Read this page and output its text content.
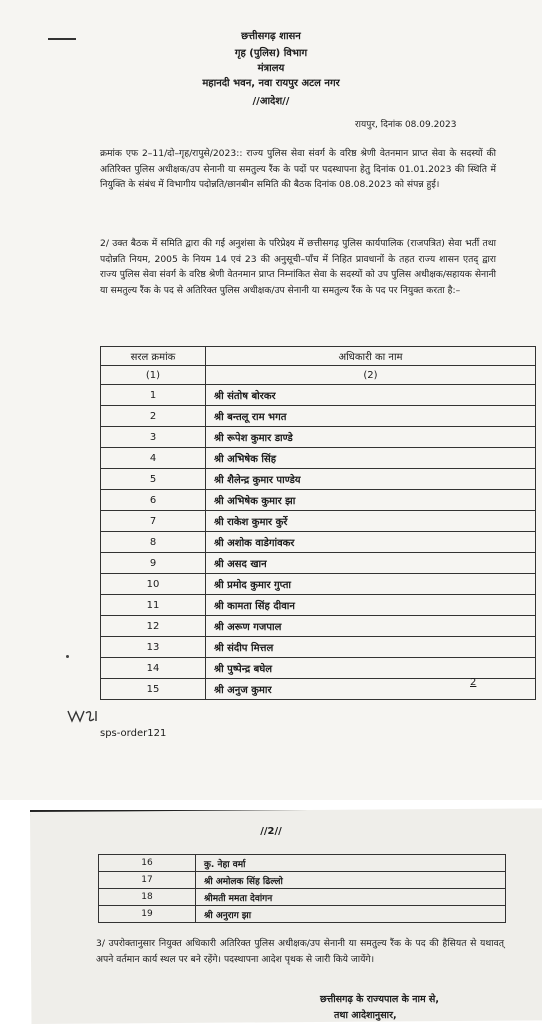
छत्तीसगढ़ शासन
गृह (पुलिस) विभाग
मंत्रालय
महानदी भवन, नवा रायपुर अटल नगर
//आदेश//
रायपुर, दिनांक 08.09.2023
क्रमांक एफ 2–11/दो–गृह/रापुसे/2023:: राज्य पुलिस सेवा संवर्ग के वरिष्ठ श्रेणी वेतनमान प्राप्त सेवा के सदस्यों की अतिरिक्त पुलिस अधीक्षक/उप सेनानी या समतुल्य रैंक के पदों पर पदस्थापना हेतु दिनांक 01.01.2023 की स्थिति में नियुक्ति के संबंध में विभागीय पदोन्नति/छानबीन समिति की बैठक दिनांक 08.08.2023 को संपन्न हुई।
2/ उक्त बैठक में समिति द्वारा की गई अनुशंसा के परिप्रेक्ष्य में छत्तीसगढ़ पुलिस कार्यपालिक (राजपत्रित) सेवा भर्ती तथा पदोन्नति नियम, 2005 के नियम 14 एवं 23 की अनुसूची–पाँच में निहित प्रावधानों के तहत राज्य शासन एतद् द्वारा राज्य पुलिस सेवा संवर्ग के वरिष्ठ श्रेणी वेतनमान प्राप्त निम्नांकित सेवा के सदस्यों को उप पुलिस अधीक्षक/सहायक सेनानी या समतुल्य रैंक के पद से अतिरिक्त पुलिस अधीक्षक/उप सेनानी या समतुल्य रैंक के पद पर नियुक्त करता है:–
सरल क्रमांक	अधिकारी का नाम
(1)	(2)
1	श्री संतोष बोरकर
2	श्री बन्तलू राम भगत
3	श्री रूपेश कुमार डाण्डे
4	श्री अभिषेक सिंह
5	श्री शैलेन्द्र कुमार पाण्डेय
6	श्री अभिषेक कुमार झा
7	श्री राकेश कुमार कुर्रे
8	श्री अशोक वाडेगांवकर
9	श्री असद खान
10	श्री प्रमोद कुमार गुप्ता
11	श्री कामता सिंह दीवान
12	श्री अरूण गजपाल
13	श्री संदीप मित्तल
14	श्री पुष्पेन्द्र बघेल
15	श्री अनुज कुमार
2
sps-order121
//2//
16	कु. नेहा वर्मा
17	श्री अमोलक सिंह ढिल्लो
18	श्रीमती ममता देवांगन
19	श्री अनुराग झा
3/ उपरोक्तानुसार नियुक्त अधिकारी अतिरिक्त पुलिस अधीक्षक/उप सेनानी या समतुल्य रैंक के पद की हैसियत से यथावत् अपने वर्तमान कार्य स्थल पर बने रहेंगे। पदस्थापना आदेश पृथक से जारी किये जायेंगे।
छत्तीसगढ़ के राज्यपाल के नाम से,
तथा आदेशानुसार,
